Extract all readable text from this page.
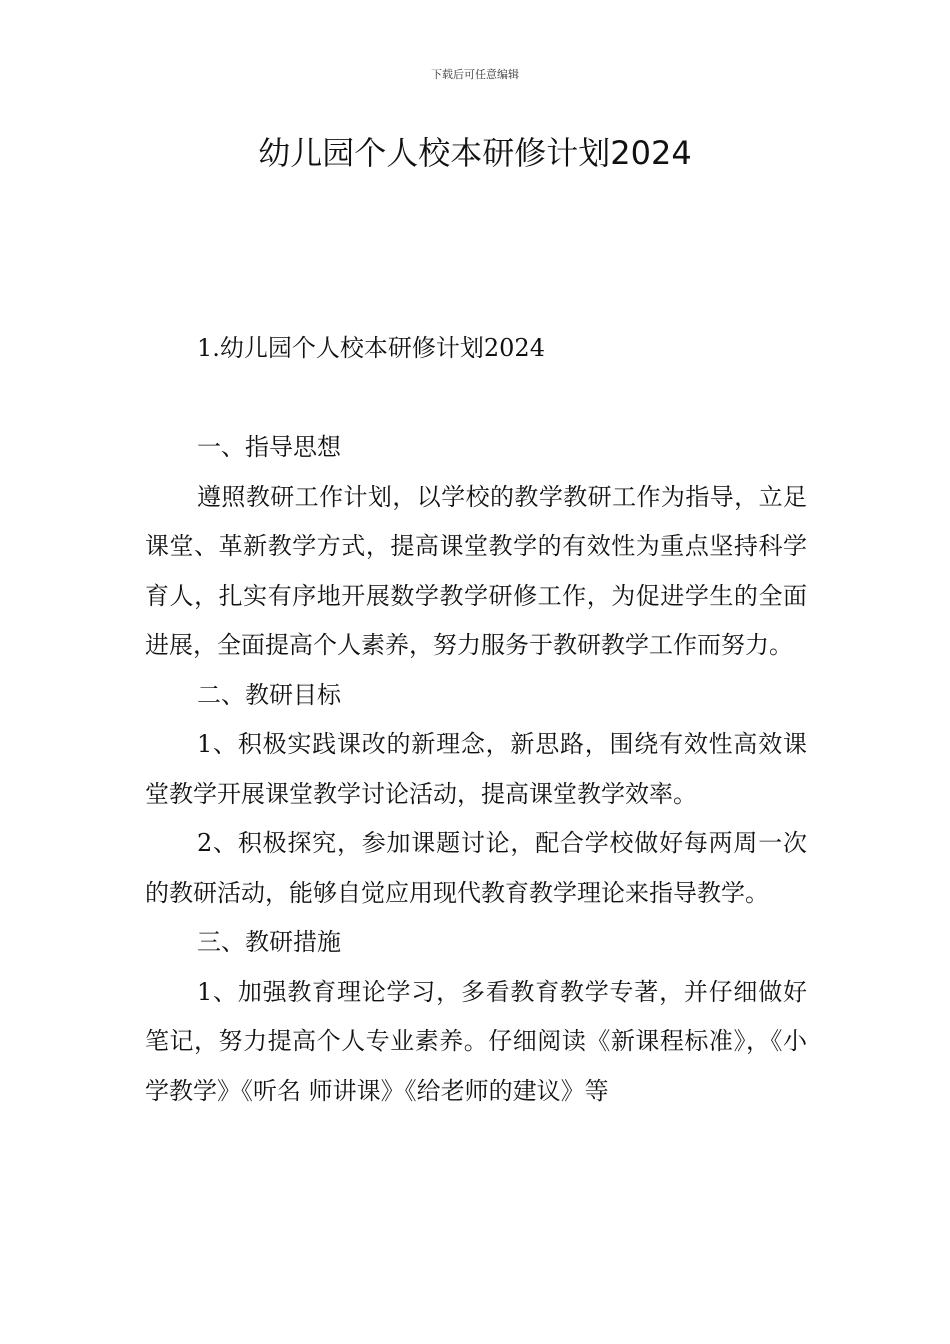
下载后可任意编辑
幼儿园个人校本研修计划2024

1.幼儿园个人校本研修计划2024

一、指导思想

遵照教研工作计划，以学校的教学教研工作为指导，立足课堂、革新教学方式，提高课堂教学的有效性为重点坚持科学育人，扎实有序地开展数学教学研修工作，为促进学生的全面进展，全面提高个人素养，努力服务于教研教学工作而努力。

二、教研目标

1、积极实践课改的新理念，新思路，围绕有效性高效课堂教学开展课堂教学讨论活动，提高课堂教学效率。

2、积极探究，参加课题讨论，配合学校做好每两周一次的教研活动，能够自觉应用现代教育教学理论来指导教学。

三、教研措施

1、加强教育理论学习，多看教育教学专著，并仔细做好笔记，努力提高个人专业素养。仔细阅读《新课程标准》，《小学教学》《听名 师讲课》《给老师的建议》等
